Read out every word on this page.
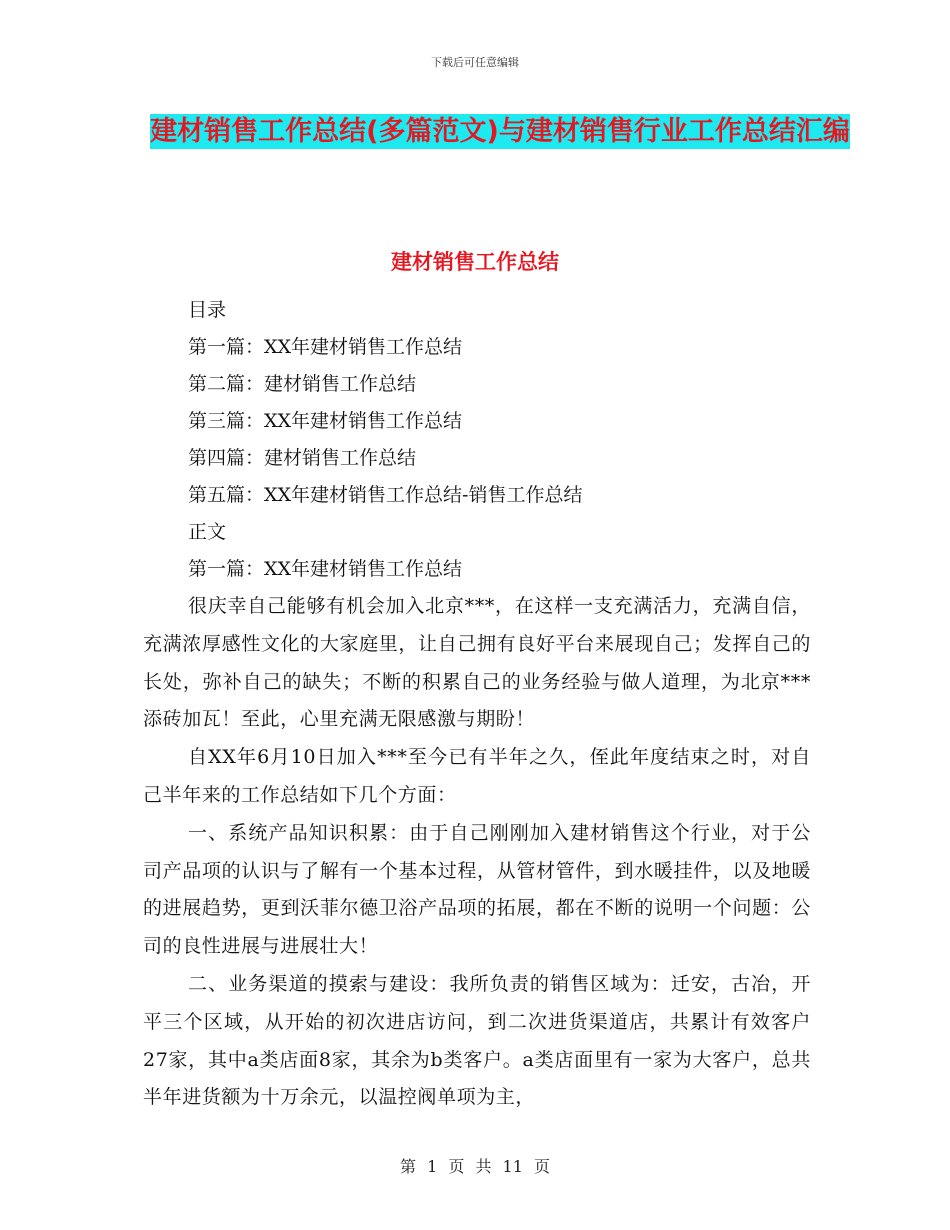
下载后可任意编辑
建材销售工作总结(多篇范文)与建材销售行业工作总结汇编
建材销售工作总结
目录
第一篇：XX年建材销售工作总结
第二篇：建材销售工作总结
第三篇：XX年建材销售工作总结
第四篇：建材销售工作总结
第五篇：XX年建材销售工作总结-销售工作总结
正文
第一篇：XX年建材销售工作总结

很庆幸自己能够有机会加入北京***，在这样一支充满活力，充满自信，充满浓厚感性文化的大家庭里，让自己拥有良好平台来展现自己；发挥自己的长处，弥补自己的缺失；不断的积累自己的业务经验与做人道理，为北京***添砖加瓦！至此，心里充满无限感激与期盼！

自XX年6月10日加入***至今已有半年之久，侄此年度结束之时，对自己半年来的工作总结如下几个方面：

一、系统产品知识积累：由于自己刚刚加入建材销售这个行业，对于公司产品项的认识与了解有一个基本过程，从管材管件，到水暖挂件，以及地暖的进展趋势，更到沃菲尔德卫浴产品项的拓展，都在不断的说明一个问题：公司的良性进展与进展壮大！

二、业务渠道的摸索与建设：我所负责的销售区域为：迁安，古冶，开平三个区域，从开始的初次进店访问，到二次进货渠道店，共累计有效客户27家，其中a类店面8家，其余为b类客户。a类店面里有一家为大客户，总共半年进货额为十万余元，以温控阀单项为主，

第 1 页 共 11 页
